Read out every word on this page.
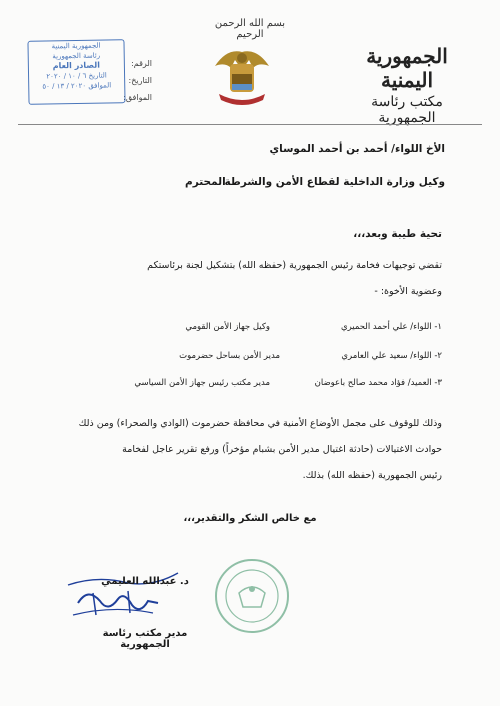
بسم الله الرحمن الرحيم
الجمهورية اليمنية
مكتب رئاسة الجمهورية
الرقم:
التاريخ:
الموافق:
الجمهورية اليمنية
رئاسة الجمهورية
الصادر العام
التاريخ ٦ / ١٠ / ٢٠٢٠
الموافق ٢٠٢٠ / ١٣ / ٥٠
الأخ اللواء/ أحمد بن أحمد الموساي
وكيل وزارة الداخلية لقطاع الأمن والشرطة
المحترم
تحية طيبة وبعد،،،
تقضي توجيهات فخامة رئيس الجمهورية (حفظه الله) بتشكيل لجنة برئاستكم
وعضوية الأخوة: -
١- اللواء/ علي أحمد الحميري
وكيل جهاز الأمن القومي
٢- اللواء/ سعيد علي العامري
مدير الأمن بساحل حضرموت
٣- العميد/ فؤاد محمد صالح باعوضان
مدير مكتب رئيس جهاز الأمن السياسي
وذلك للوقوف على مجمل الأوضاع الأمنية في محافظة حضرموت (الوادي والصحراء) ومن ذلك
حوادث الاغتيالات (حادثة اغتيال مدير الأمن بشبام مؤخراً) ورفع تقرير عاجل لفخامة
رئيس الجمهورية (حفظه الله) بذلك.
مع خالص الشكر والتقدير،،،
د. عبدالله العليمي
مدير مكتب رئاسة الجمهورية
